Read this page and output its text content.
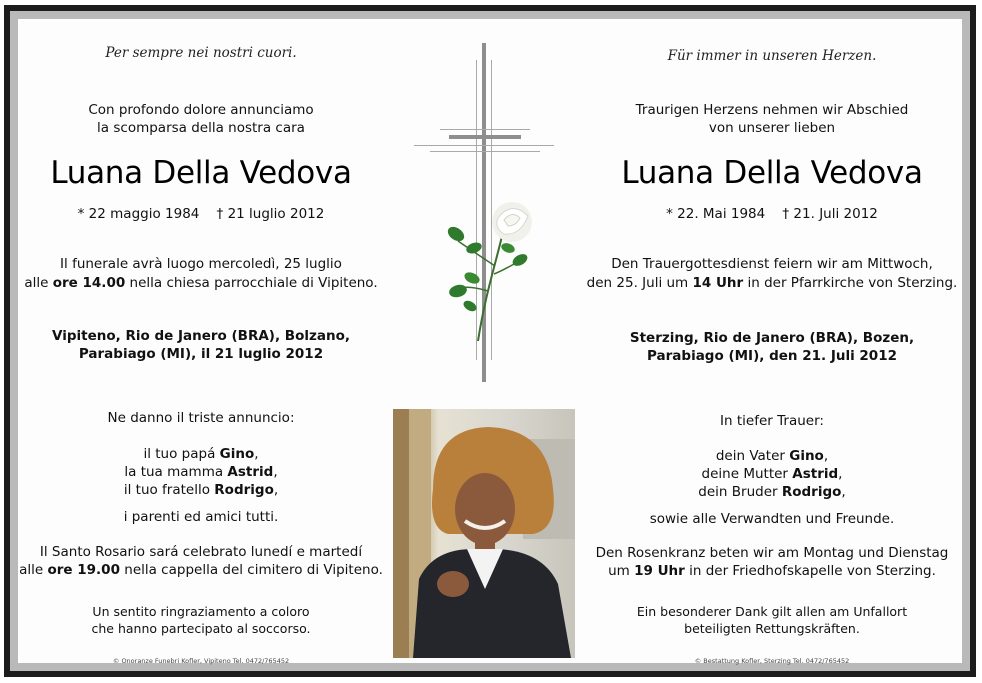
Per sempre nei nostri cuori.
Con profondo dolore annunciamo
la scomparsa della nostra cara
Luana Della Vedova
* 22 maggio 1984 † 21 luglio 2012
Il funerale avrà luogo mercoledì, 25 luglio
alle ore 14.00 nella chiesa parrocchiale di Vipiteno.
Vipiteno, Rio de Janero (BRA), Bolzano,
Parabiago (MI), il 21 luglio 2012
Ne danno il triste annuncio:
il tuo papá Gino,
la tua mamma Astrid,
il tuo fratello Rodrigo,
i parenti ed amici tutti.
Il Santo Rosario sará celebrato lunedí e martedí
alle ore 19.00 nella cappella del cimitero di Vipiteno.
Un sentito ringraziamento a coloro
che hanno partecipato al soccorso.
© Onoranze Funebri Kofler, Vipiteno Tel. 0472/765452
Für immer in unseren Herzen.
Traurigen Herzens nehmen wir Abschied
von unserer lieben
Luana Della Vedova
* 22. Mai 1984 † 21. Juli 2012
Den Trauergottesdienst feiern wir am Mittwoch,
den 25. Juli um 14 Uhr in der Pfarrkirche von Sterzing.
Sterzing, Rio de Janero (BRA), Bozen,
Parabiago (MI), den 21. Juli 2012
In tiefer Trauer:
dein Vater Gino,
deine Mutter Astrid,
dein Bruder Rodrigo,
sowie alle Verwandten und Freunde.
Den Rosenkranz beten wir am Montag und Dienstag
um 19 Uhr in der Friedhofskapelle von Sterzing.
Ein besonderer Dank gilt allen am Unfallort
beteiligten Rettungskräften.
© Bestattung Kofler, Sterzing Tel. 0472/765452
